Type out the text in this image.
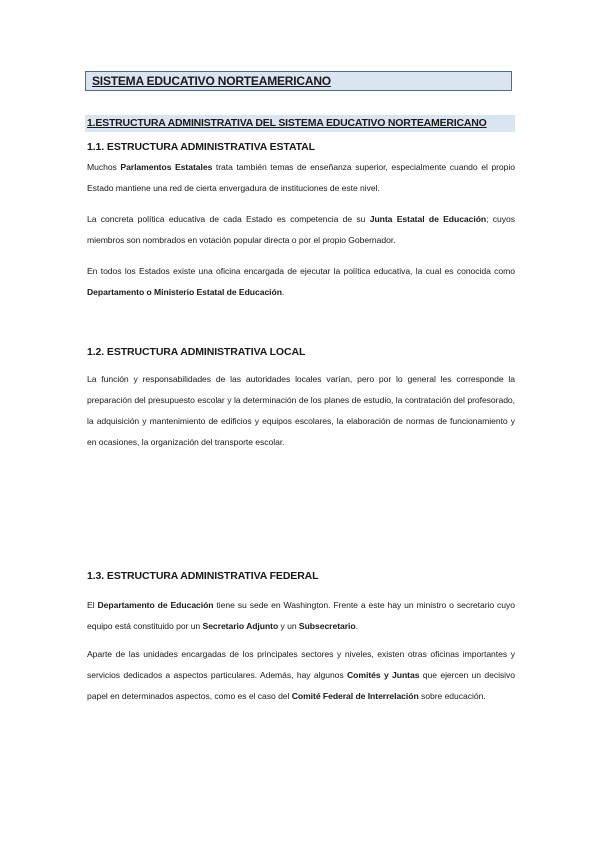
SISTEMA EDUCATIVO NORTEAMERICANO
1.ESTRUCTURA ADMINISTRATIVA DEL SISTEMA EDUCATIVO NORTEAMERICANO
1.1. ESTRUCTURA ADMINISTRATIVA ESTATAL

Muchos Parlamentos Estatales trata también temas de enseñanza superior, especialmente cuando el propio Estado mantiene una red de cierta envergadura de instituciones de este nivel.

La concreta política educativa de cada Estado es competencia de su Junta Estatal de Educación; cuyos miembros son nombrados en votación popular directa o por el propio Gobernador.

En todos los Estados existe una oficina encargada de ejecutar la política educativa, la cual es conocida como Departamento o Ministerio Estatal de Educación.

1.2. ESTRUCTURA ADMINISTRATIVA LOCAL

La función y responsabilidades de las autoridades locales varían, pero por lo general les corresponde la preparación del presupuesto escolar y la determinación de los planes de estudio, la contratación del profesorado, la adquisición y mantenimiento de edificios y equipos escolares, la elaboración de normas de funcionamiento y en ocasiones, la organización del transporte escolar.

1.3. ESTRUCTURA ADMINISTRATIVA FEDERAL

El Departamento de Educación tiene su sede en Washington. Frente a este hay un ministro o secretario cuyo equipo está constituido por un Secretario Adjunto y un Subsecretario.

Aparte de las unidades encargadas de los principales sectores y niveles, existen otras oficinas importantes y servicios dedicados a aspectos particulares. Además, hay algunos Comités y Juntas que ejercen un decisivo papel en determinados aspectos, como es el caso del Comité Federal de Interrelación sobre educación.
